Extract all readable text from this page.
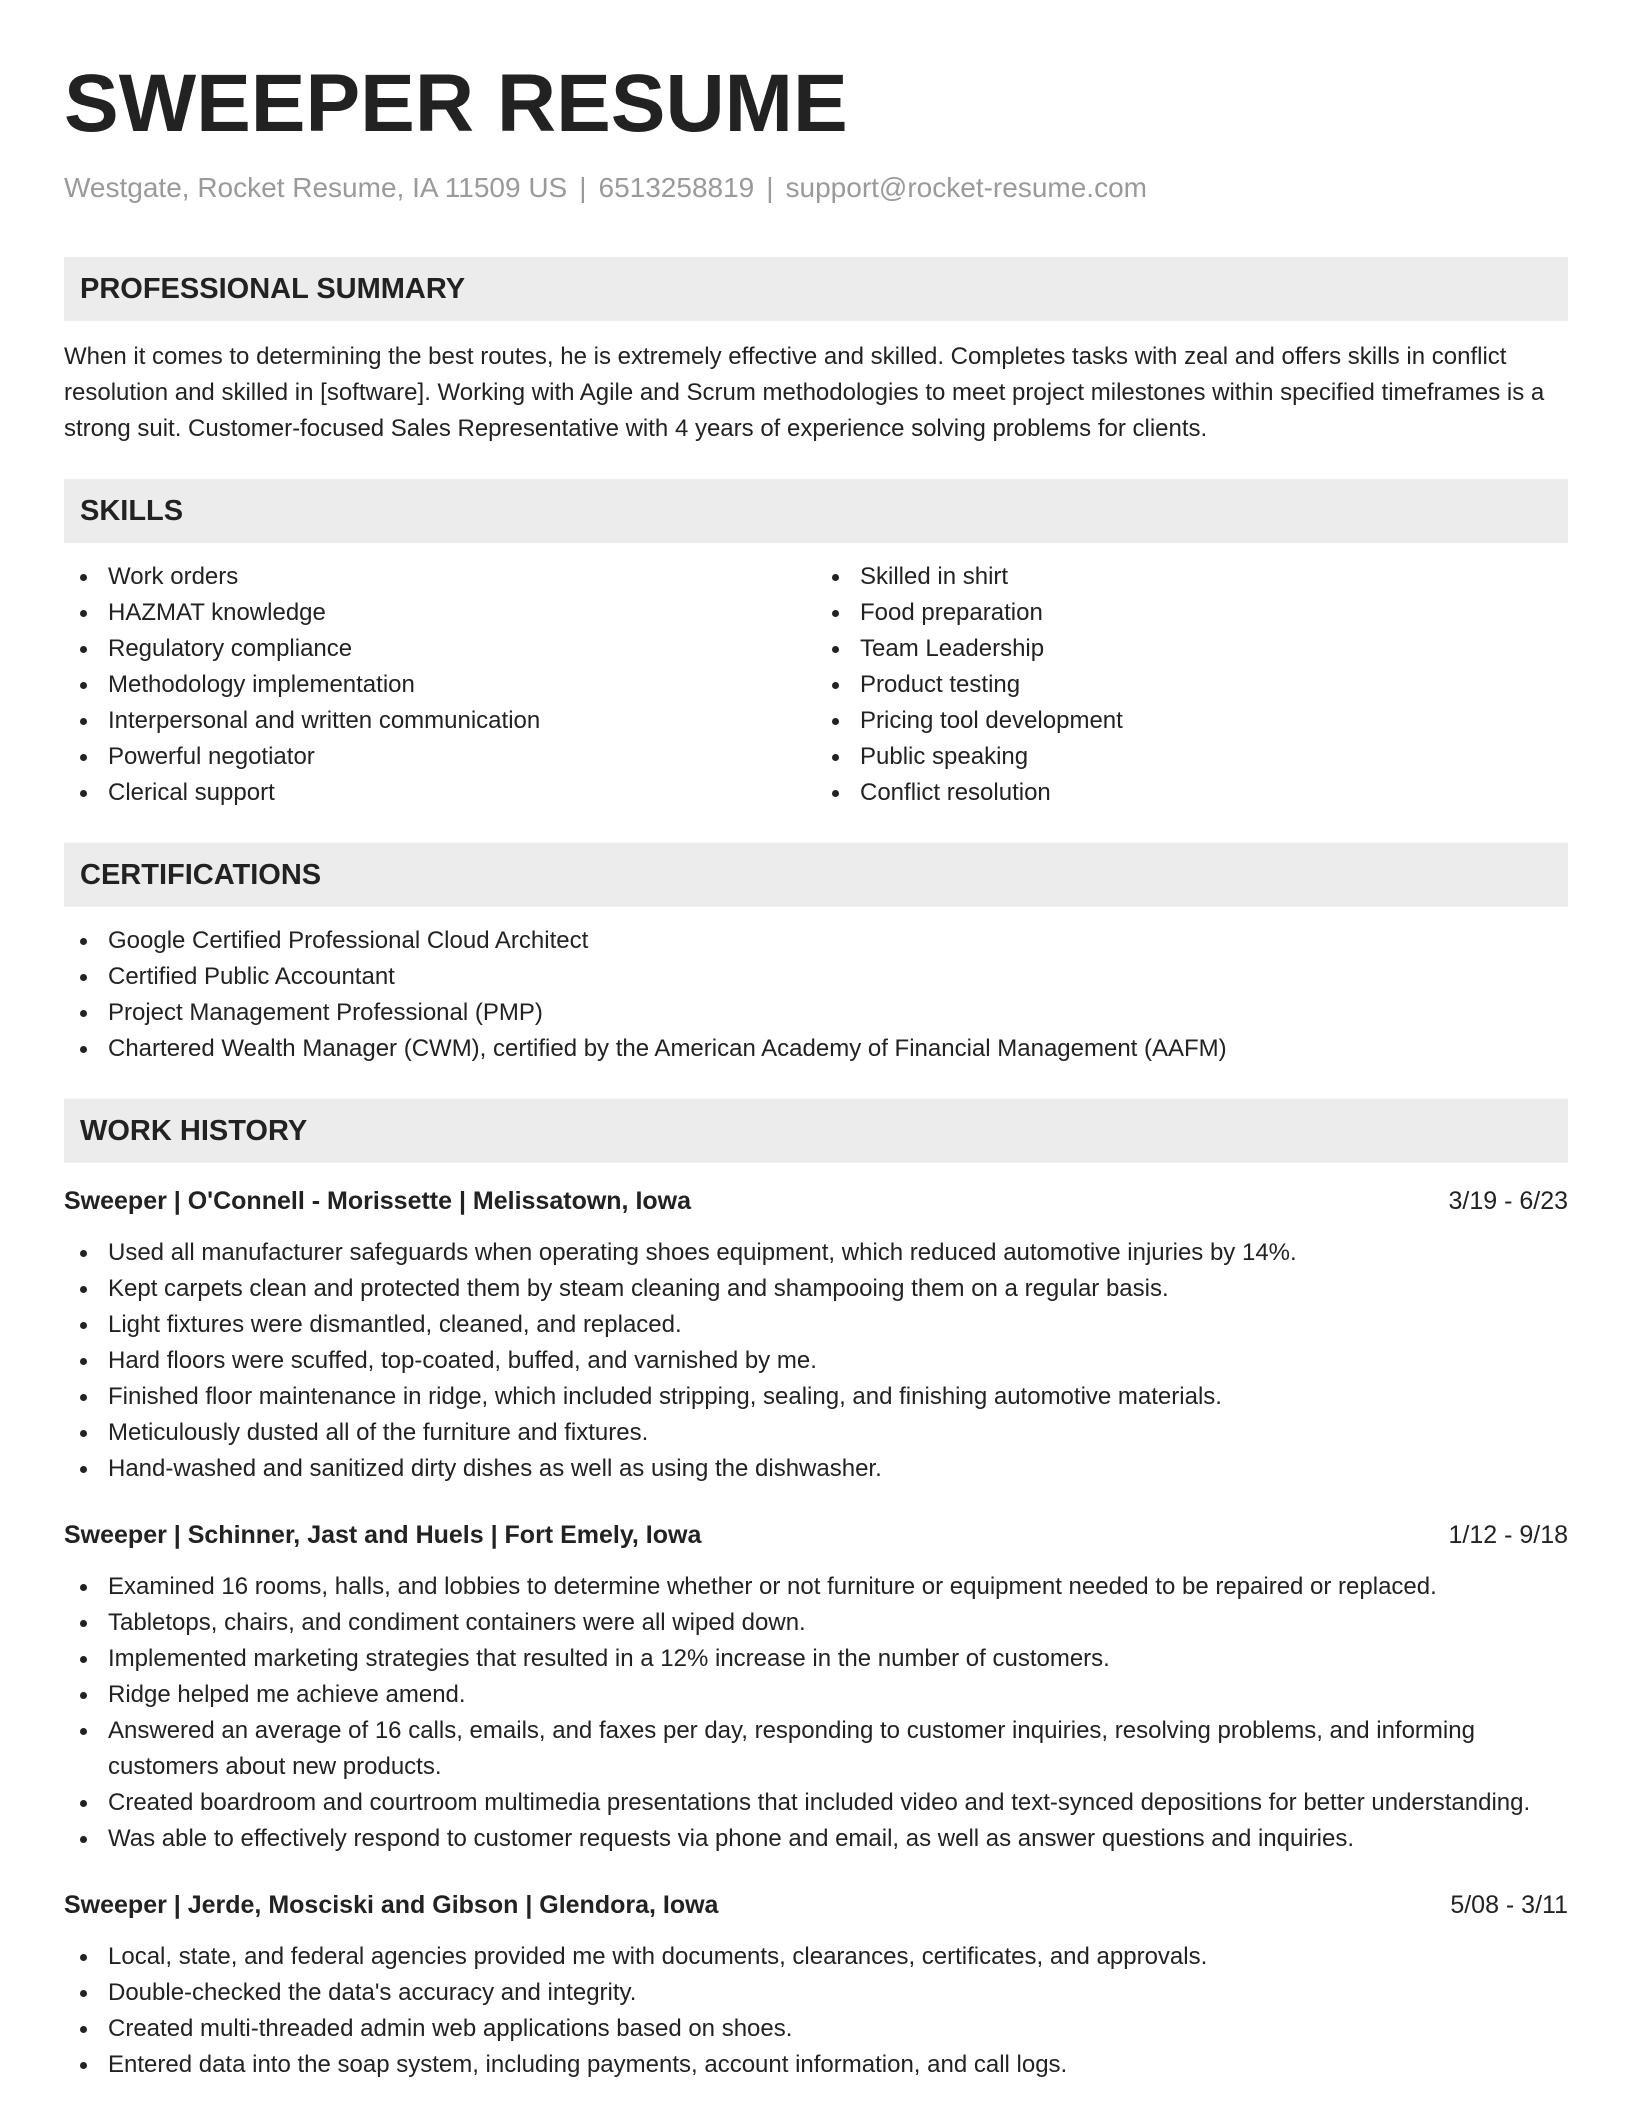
SWEEPER RESUME
Westgate, Rocket Resume, IA 11509 US | 6513258819 | support@rocket-resume.com
PROFESSIONAL SUMMARY

When it comes to determining the best routes, he is extremely effective and skilled. Completes tasks with zeal and offers skills in conflict resolution and skilled in [software]. Working with Agile and Scrum methodologies to meet project milestones within specified timeframes is a strong suit. Customer-focused Sales Representative with 4 years of experience solving problems for clients.

SKILLS
Work orders
HAZMAT knowledge
Regulatory compliance
Methodology implementation
Interpersonal and written communication
Powerful negotiator
Clerical support
Skilled in shirt
Food preparation
Team Leadership
Product testing
Pricing tool development
Public speaking
Conflict resolution
CERTIFICATIONS
Google Certified Professional Cloud Architect
Certified Public Accountant
Project Management Professional (PMP)
Chartered Wealth Manager (CWM), certified by the American Academy of Financial Management (AAFM)
WORK HISTORY
Sweeper | O'Connell - Morissette | Melissatown, Iowa	3/19 - 6/23
Used all manufacturer safeguards when operating shoes equipment, which reduced automotive injuries by 14%.
Kept carpets clean and protected them by steam cleaning and shampooing them on a regular basis.
Light fixtures were dismantled, cleaned, and replaced.
Hard floors were scuffed, top-coated, buffed, and varnished by me.
Finished floor maintenance in ridge, which included stripping, sealing, and finishing automotive materials.
Meticulously dusted all of the furniture and fixtures.
Hand-washed and sanitized dirty dishes as well as using the dishwasher.
Sweeper | Schinner, Jast and Huels | Fort Emely, Iowa	1/12 - 9/18
Examined 16 rooms, halls, and lobbies to determine whether or not furniture or equipment needed to be repaired or replaced.
Tabletops, chairs, and condiment containers were all wiped down.
Implemented marketing strategies that resulted in a 12% increase in the number of customers.
Ridge helped me achieve amend.
Answered an average of 16 calls, emails, and faxes per day, responding to customer inquiries, resolving problems, and informing customers about new products.
Created boardroom and courtroom multimedia presentations that included video and text-synced depositions for better understanding.
Was able to effectively respond to customer requests via phone and email, as well as answer questions and inquiries.
Sweeper | Jerde, Mosciski and Gibson | Glendora, Iowa	5/08 - 3/11
Local, state, and federal agencies provided me with documents, clearances, certificates, and approvals.
Double-checked the data's accuracy and integrity.
Created multi-threaded admin web applications based on shoes.
Entered data into the soap system, including payments, account information, and call logs.
